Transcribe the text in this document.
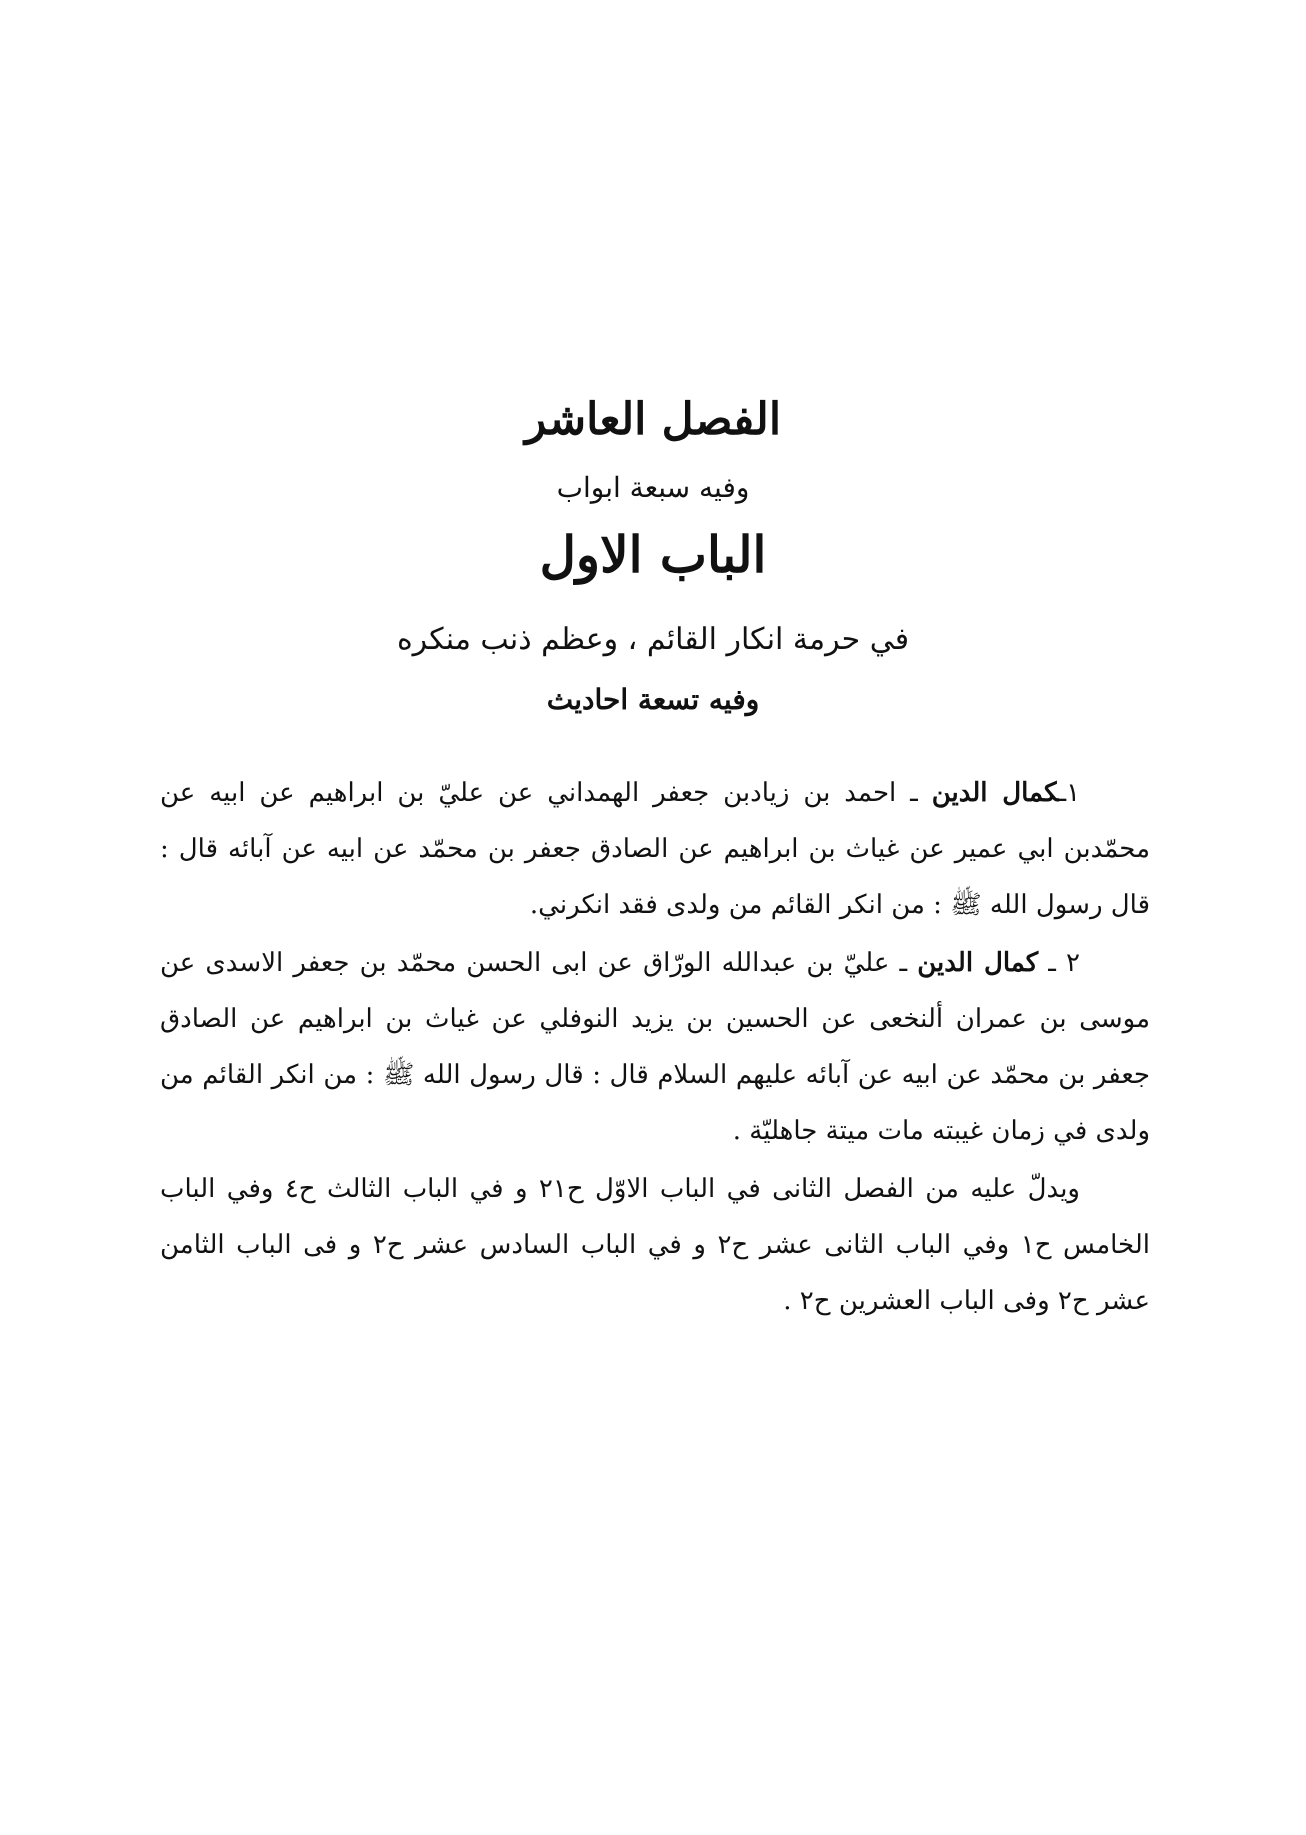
الفصل العاشر

وفيه سبعة ابواب

الباب الاول

في حرمة انكار القائم ، وعظم ذنب منكره

وفيه تسعة احاديث

١ـكمال الدين ـ احمد بن زيادبن جعفر الهمداني عن عليّ بن ابراهيم عن ابيه عن محمّدبن ابي عمير عن غياث بن ابراهيم عن الصادق جعفر بن محمّد عن ابيه عن آبائه قال : قال رسول الله ﷺ : من انكر القائم من ولدى فقد انكرني.

٢ ـ كمال الدين ـ عليّ بن عبدالله الورّاق عن ابى الحسن محمّد بن جعفر الاسدى عن موسى بن عمران ألنخعى عن الحسين بن يزيد النوفلي عن غياث بن ابراهيم عن الصادق جعفر بن محمّد عن ابيه عن آبائه عليهم السلام قال : قال رسول الله ﷺ : من انكر القائم من ولدى في زمان غيبته مات ميتة جاهليّة .

ويدلّ عليه من الفصل الثانى في الباب الاوّل ح٢١ و في الباب الثالث ح٤ وفي الباب الخامس ح١ وفي الباب الثانى عشر ح٢ و في الباب السادس عشر ح٢ و فى الباب الثامن عشر ح٢ وفى الباب العشرين ح٢ .
